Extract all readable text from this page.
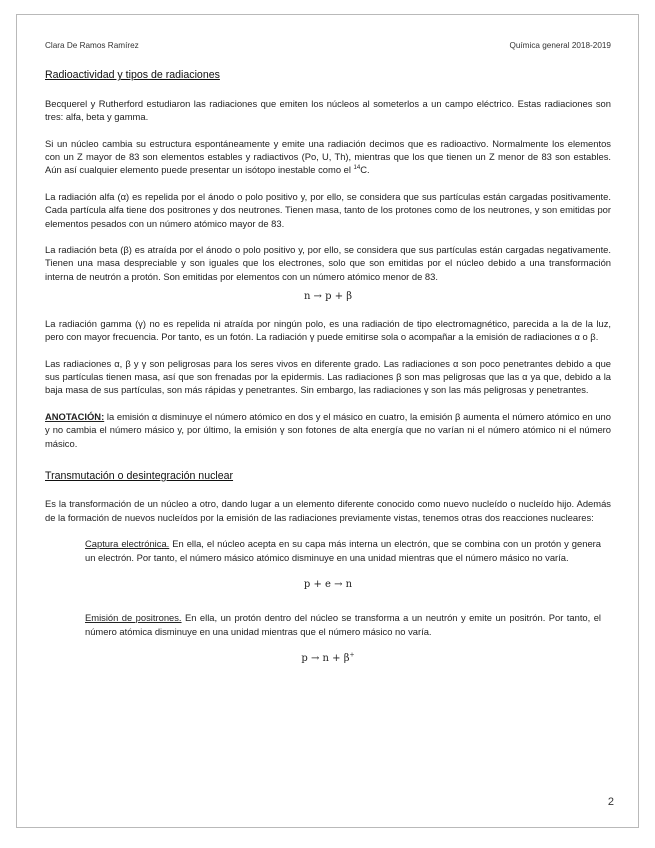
Clara De Ramos Ramírez	Química general 2018-2019
Radioactividad y tipos de radiaciones

Becquerel y Rutherford estudiaron las radiaciones que emiten los núcleos al someterlos a un campo eléctrico. Estas radiaciones son tres: alfa, beta y gamma.

Si un núcleo cambia su estructura espontáneamente y emite una radiación decimos que es radioactivo. Normalmente los elementos con un Z mayor de 83 son elementos estables y radiactivos (Po, U, Th), mientras que los que tienen un Z menor de 83 son estables. Aún así cualquier elemento puede presentar un isótopo inestable como el $^{14}$C.

La radiación alfa (α) es repelida por el ánodo o polo positivo y, por ello, se considera que sus partículas están cargadas positivamente. Cada partícula alfa tiene dos positrones y dos neutrones. Tienen masa, tanto de los protones como de los neutrones, y son emitidas por elementos pesados con un número atómico mayor de 83.

La radiación beta (β) es atraída por el ánodo o polo positivo y, por ello, se considera que sus partículas están cargadas negativamente. Tienen una masa despreciable y son iguales que los electrones, solo que son emitidas por el núcleo debido a una transformación interna de neutrón a protón. Son emitidas por elementos con un número atómico menor de 83.

n → p + β

La radiación gamma (γ) no es repelida ni atraída por ningún polo, es una radiación de tipo electromagnético, parecida a la de la luz, pero con mayor frecuencia. Por tanto, es un fotón. La radiación γ puede emitirse sola o acompañar a la emisión de radiaciones α o β.

Las radiaciones α, β y γ son peligrosas para los seres vivos en diferente grado. Las radiaciones α son poco penetrantes debido a que sus partículas tienen masa, así que son frenadas por la epidermis. Las radiaciones β son mas peligrosas que las α ya que, debido a la baja masa de sus partículas, son más rápidas y penetrantes. Sin embargo, las radiaciones γ son las más peligrosas y penetrantes.

ANOTACIÓN: la emisión α disminuye el número atómico en dos y el másico en cuatro, la emisión β aumenta el número atómico en uno y no cambia el número másico y, por último, la emisión γ son fotones de alta energía que no varían ni el número atómico ni el número másico.

Transmutación o desintegración nuclear

Es la transformación de un núcleo a otro, dando lugar a un elemento diferente conocido como nuevo nucleído o nucleído hijo. Además de la formación de nuevos nucleídos por la emisión de las radiaciones previamente vistas, tenemos otras dos reacciones nucleares:

Captura electrónica. En ella, el núcleo acepta en su capa más interna un electrón, que se combina con un protón y genera un electrón. Por tanto, el número másico atómico disminuye en una unidad mientras que el número másico no varía.

p + e → n

Emisión de positrones. En ella, un protón dentro del núcleo se transforma a un neutrón y emite un positrón. Por tanto, el número atómica disminuye en una unidad mientras que el número másico no varía.

p → n + β+
2
